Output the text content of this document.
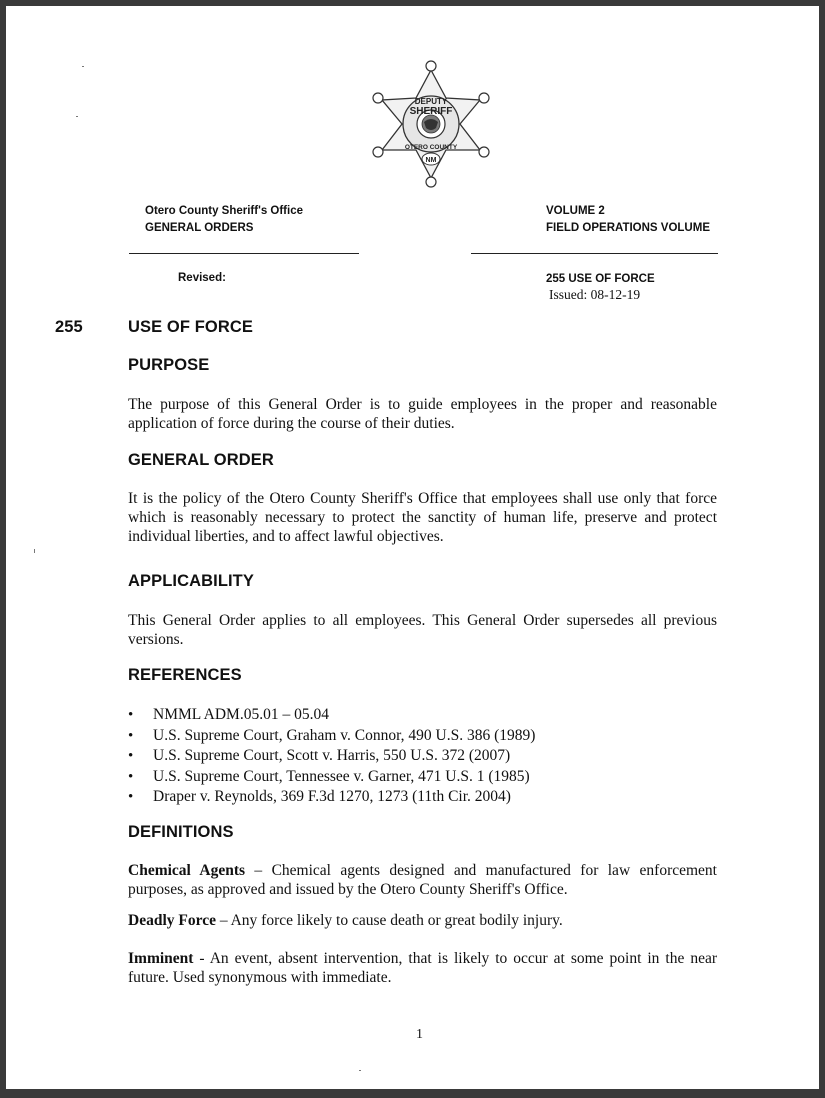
DEPUTY
SHERIFF
OTERO COUNTY
NM
Otero County Sheriff's Office
GENERAL ORDERS
VOLUME 2
FIELD OPERATIONS VOLUME
Revised:	255 USE OF FORCE
Issued: 08-12-19
255	USE OF FORCE
PURPOSE
The purpose of this General Order is to guide employees in the proper and reasonable application of force during the course of their duties.
GENERAL ORDER
It is the policy of the Otero County Sheriff's Office that employees shall use only that force which is reasonably necessary to protect the sanctity of human life, preserve and protect individual liberties, and to affect lawful objectives.
APPLICABILITY
This General Order applies to all employees. This General Order supersedes all previous versions.
REFERENCES
• NMML ADM.05.01 – 05.04
• U.S. Supreme Court, Graham v. Connor, 490 U.S. 386 (1989)
• U.S. Supreme Court, Scott v. Harris, 550 U.S. 372 (2007)
• U.S. Supreme Court, Tennessee v. Garner, 471 U.S. 1 (1985)
• Draper v. Reynolds, 369 F.3d 1270, 1273 (11th Cir. 2004)
DEFINITIONS
Chemical Agents – Chemical agents designed and manufactured for law enforcement purposes, as approved and issued by the Otero County Sheriff's Office.
Deadly Force – Any force likely to cause death or great bodily injury.
Imminent - An event, absent intervention, that is likely to occur at some point in the near future. Used synonymous with immediate.
1
